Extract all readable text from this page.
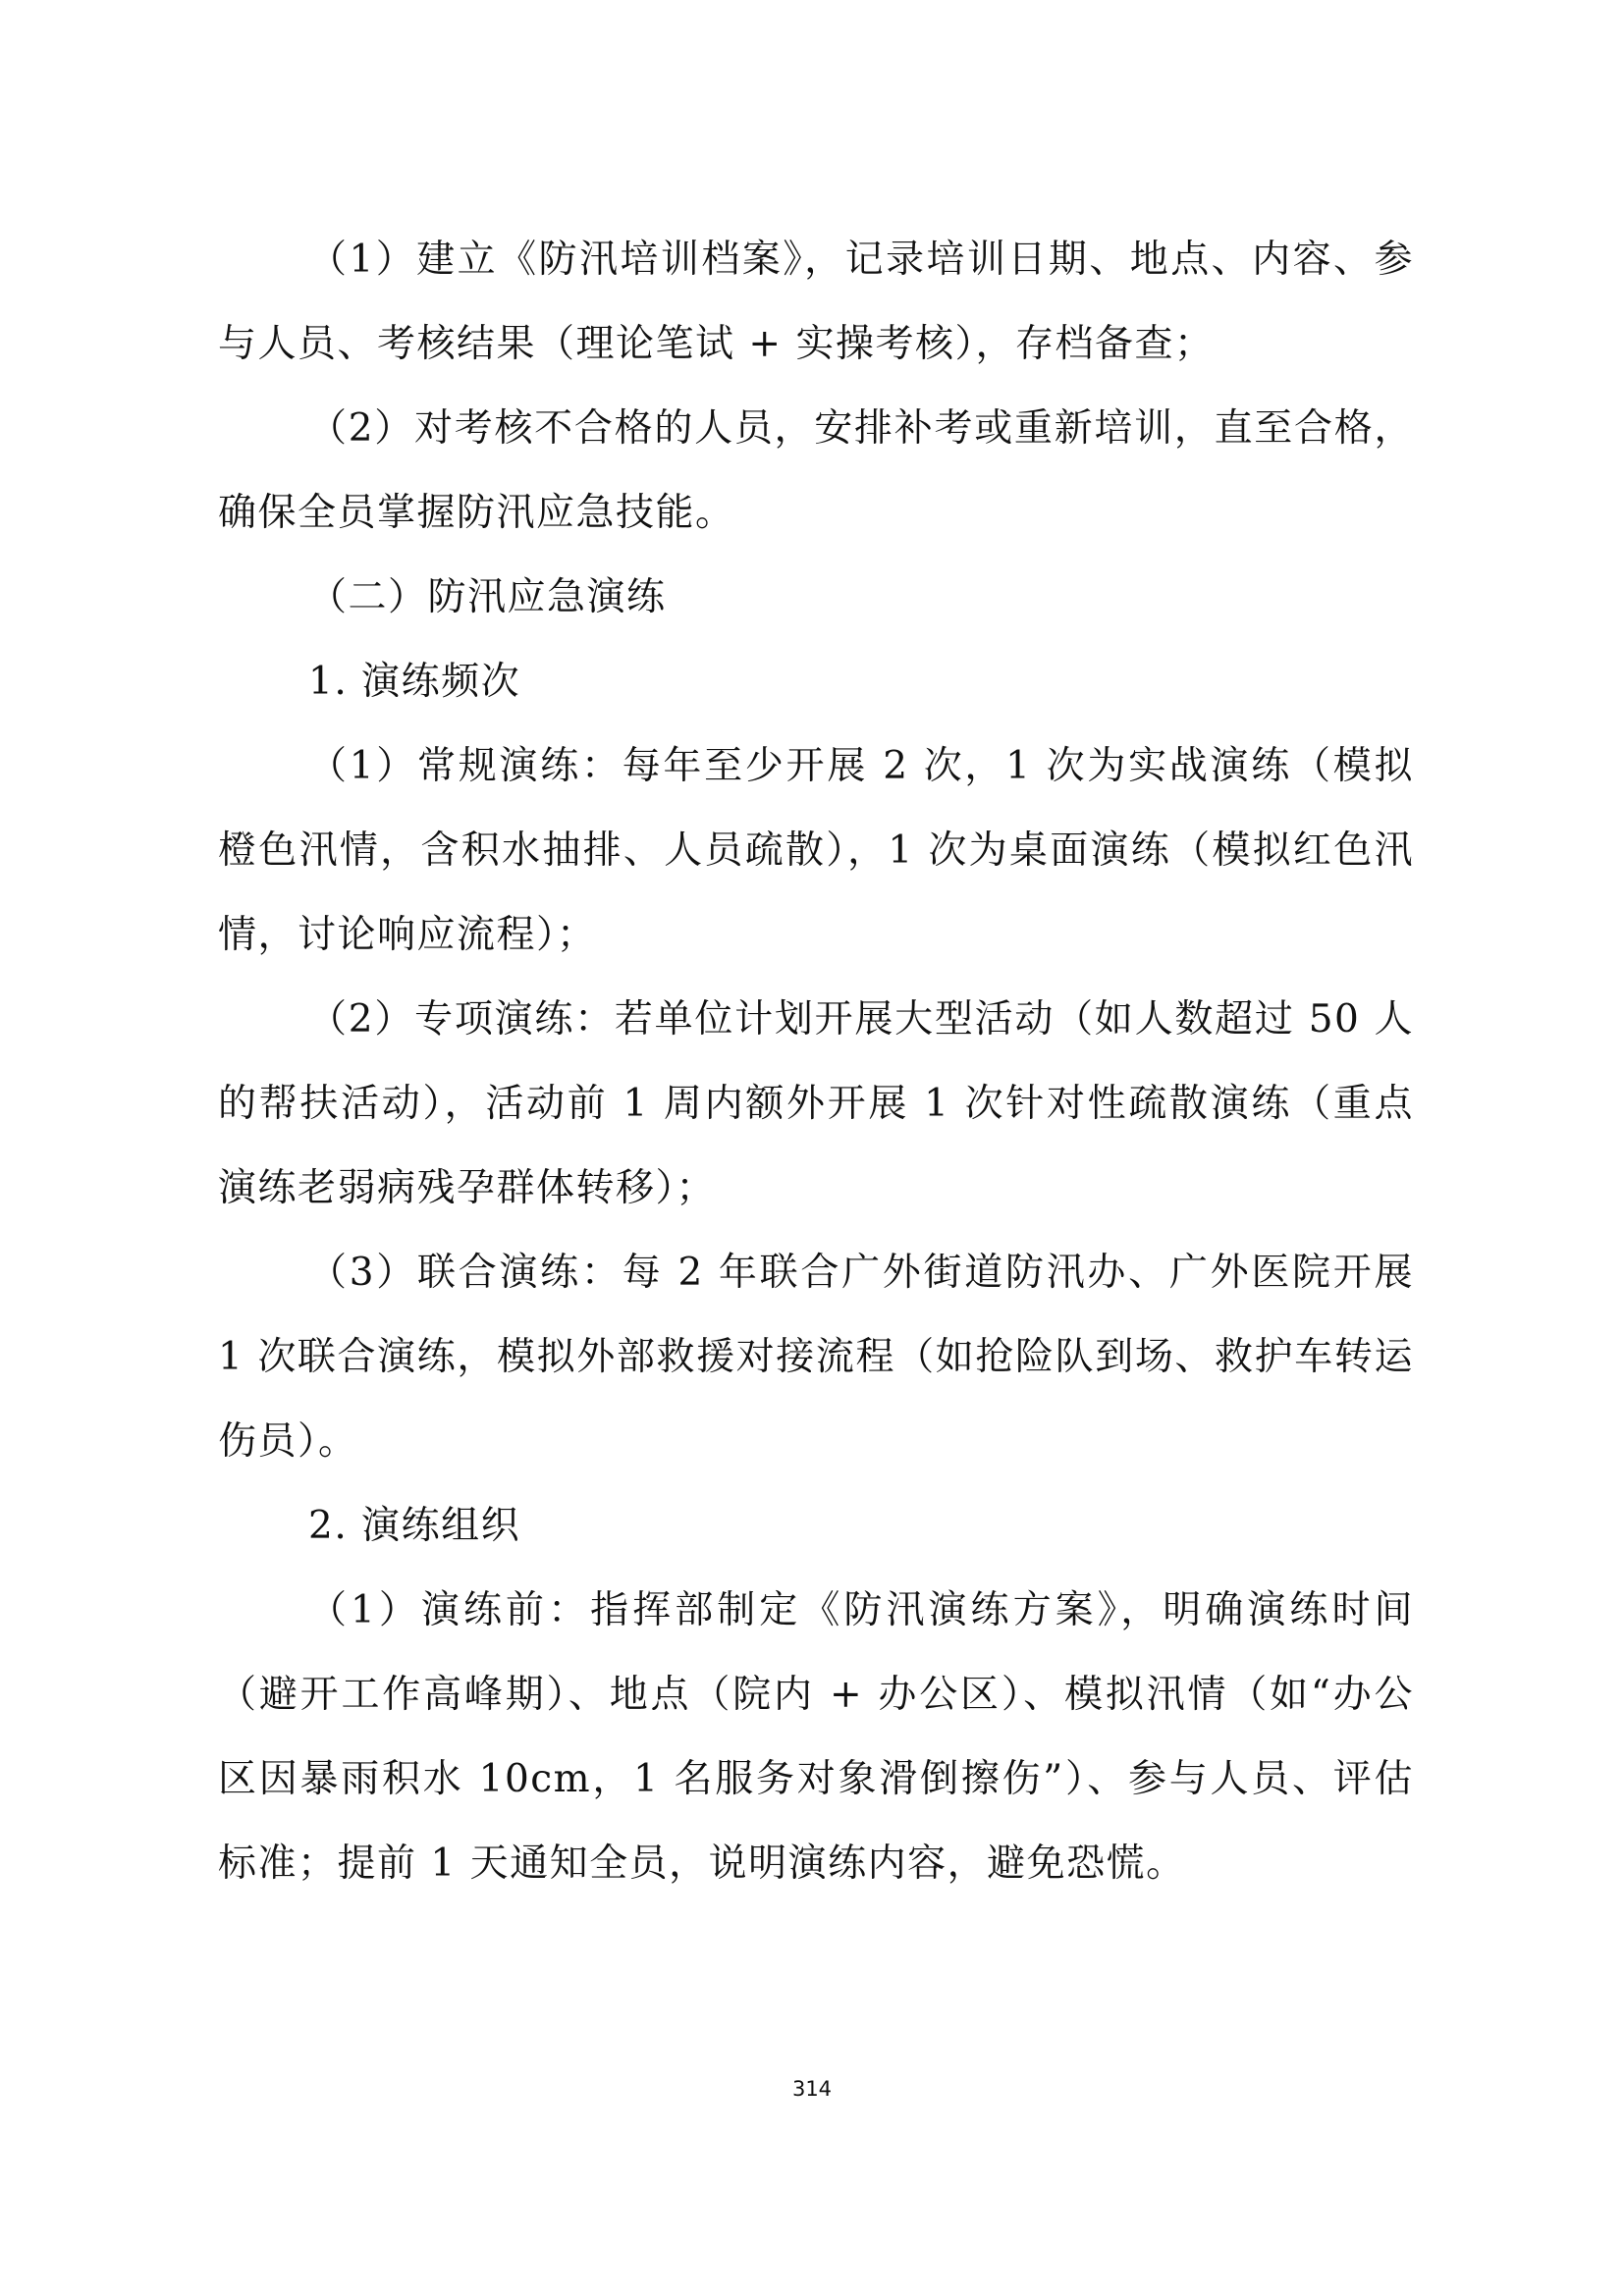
（1）建立《防汛培训档案》，记录培训日期、地点、内容、参与人员、考核结果（理论笔试 + 实操考核），存档备查；

（2）对考核不合格的人员，安排补考或重新培训，直至合格，确保全员掌握防汛应急技能。

（二）防汛应急演练

1. 演练频次

（1）常规演练：每年至少开展 2 次，1 次为实战演练（模拟橙色汛情，含积水抽排、人员疏散），1 次为桌面演练（模拟红色汛情，讨论响应流程）；

（2）专项演练：若单位计划开展大型活动（如人数超过 50 人的帮扶活动），活动前 1 周内额外开展 1 次针对性疏散演练（重点演练老弱病残孕群体转移）；

（3）联合演练：每 2 年联合广外街道防汛办、广外医院开展 1 次联合演练，模拟外部救援对接流程（如抢险队到场、救护车转运伤员）。

2. 演练组织

（1）演练前：指挥部制定《防汛演练方案》，明确演练时间（避开工作高峰期）、地点（院内 + 办公区）、模拟汛情（如“办公区因暴雨积水 10cm，1 名服务对象滑倒擦伤”）、参与人员、评估标准；提前 1 天通知全员，说明演练内容，避免恐慌。

314
